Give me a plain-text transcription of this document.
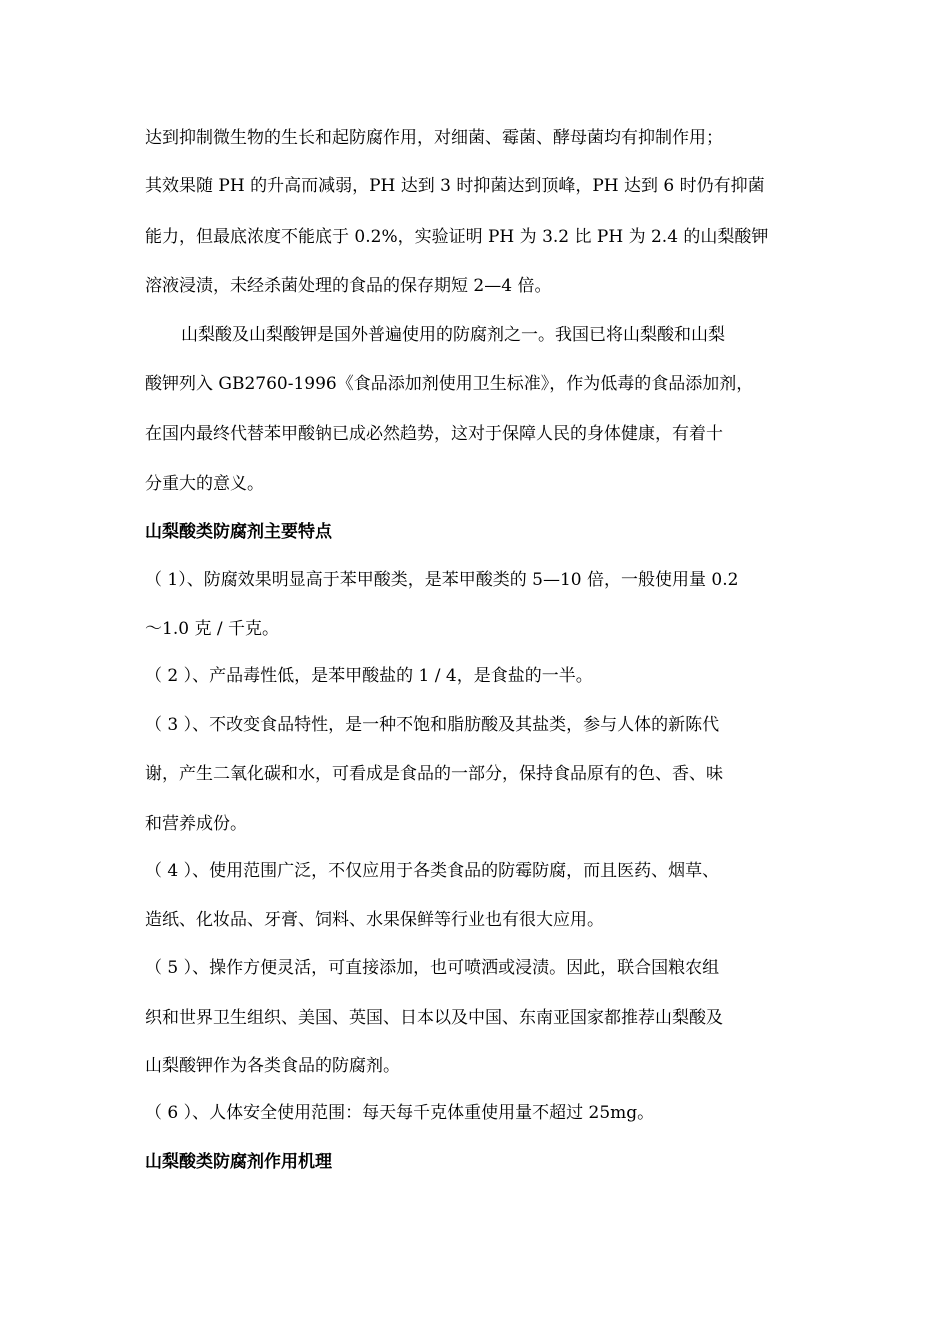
达到抑制微生物的生长和起防腐作用，对细菌、霉菌、酵母菌均有抑制作用；
其效果随 PH 的升高而减弱，PH 达到 3 时抑菌达到顶峰，PH 达到 6 时仍有抑菌
能力，但最底浓度不能底于 0.2%，实验证明 PH 为 3.2 比 PH 为 2.4 的山梨酸钾
溶液浸渍，未经杀菌处理的食品的保存期短 2—4 倍。
山梨酸及山梨酸钾是国外普遍使用的防腐剂之一。我国已将山梨酸和山梨
酸钾列入 GB2760-1996《食品添加剂使用卫生标准》，作为低毒的食品添加剂，
在国内最终代替苯甲酸钠已成必然趋势，这对于保障人民的身体健康，有着十
分重大的意义。
山梨酸类防腐剂主要特点
（ 1）、防腐效果明显高于苯甲酸类，是苯甲酸类的 5—10 倍，一般使用量 0.2
～1.0 克 / 千克。
（ 2 ）、产品毒性低，是苯甲酸盐的 1 / 4，是食盐的一半。
（ 3 ）、不改变食品特性，是一种不饱和脂肪酸及其盐类，参与人体的新陈代
谢，产生二氧化碳和水，可看成是食品的一部分，保持食品原有的色、香、味
和营养成份。
（ 4 ）、使用范围广泛，不仅应用于各类食品的防霉防腐，而且医药、烟草、
造纸、化妆品、牙膏、饲料、水果保鲜等行业也有很大应用。
（ 5 ）、操作方便灵活，可直接添加，也可喷洒或浸渍。因此，联合国粮农组
织和世界卫生组织、美国、英国、日本以及中国、东南亚国家都推荐山梨酸及
山梨酸钾作为各类食品的防腐剂。
（ 6 ）、人体安全使用范围：每天每千克体重使用量不超过 25mg。
山梨酸类防腐剂作用机理
